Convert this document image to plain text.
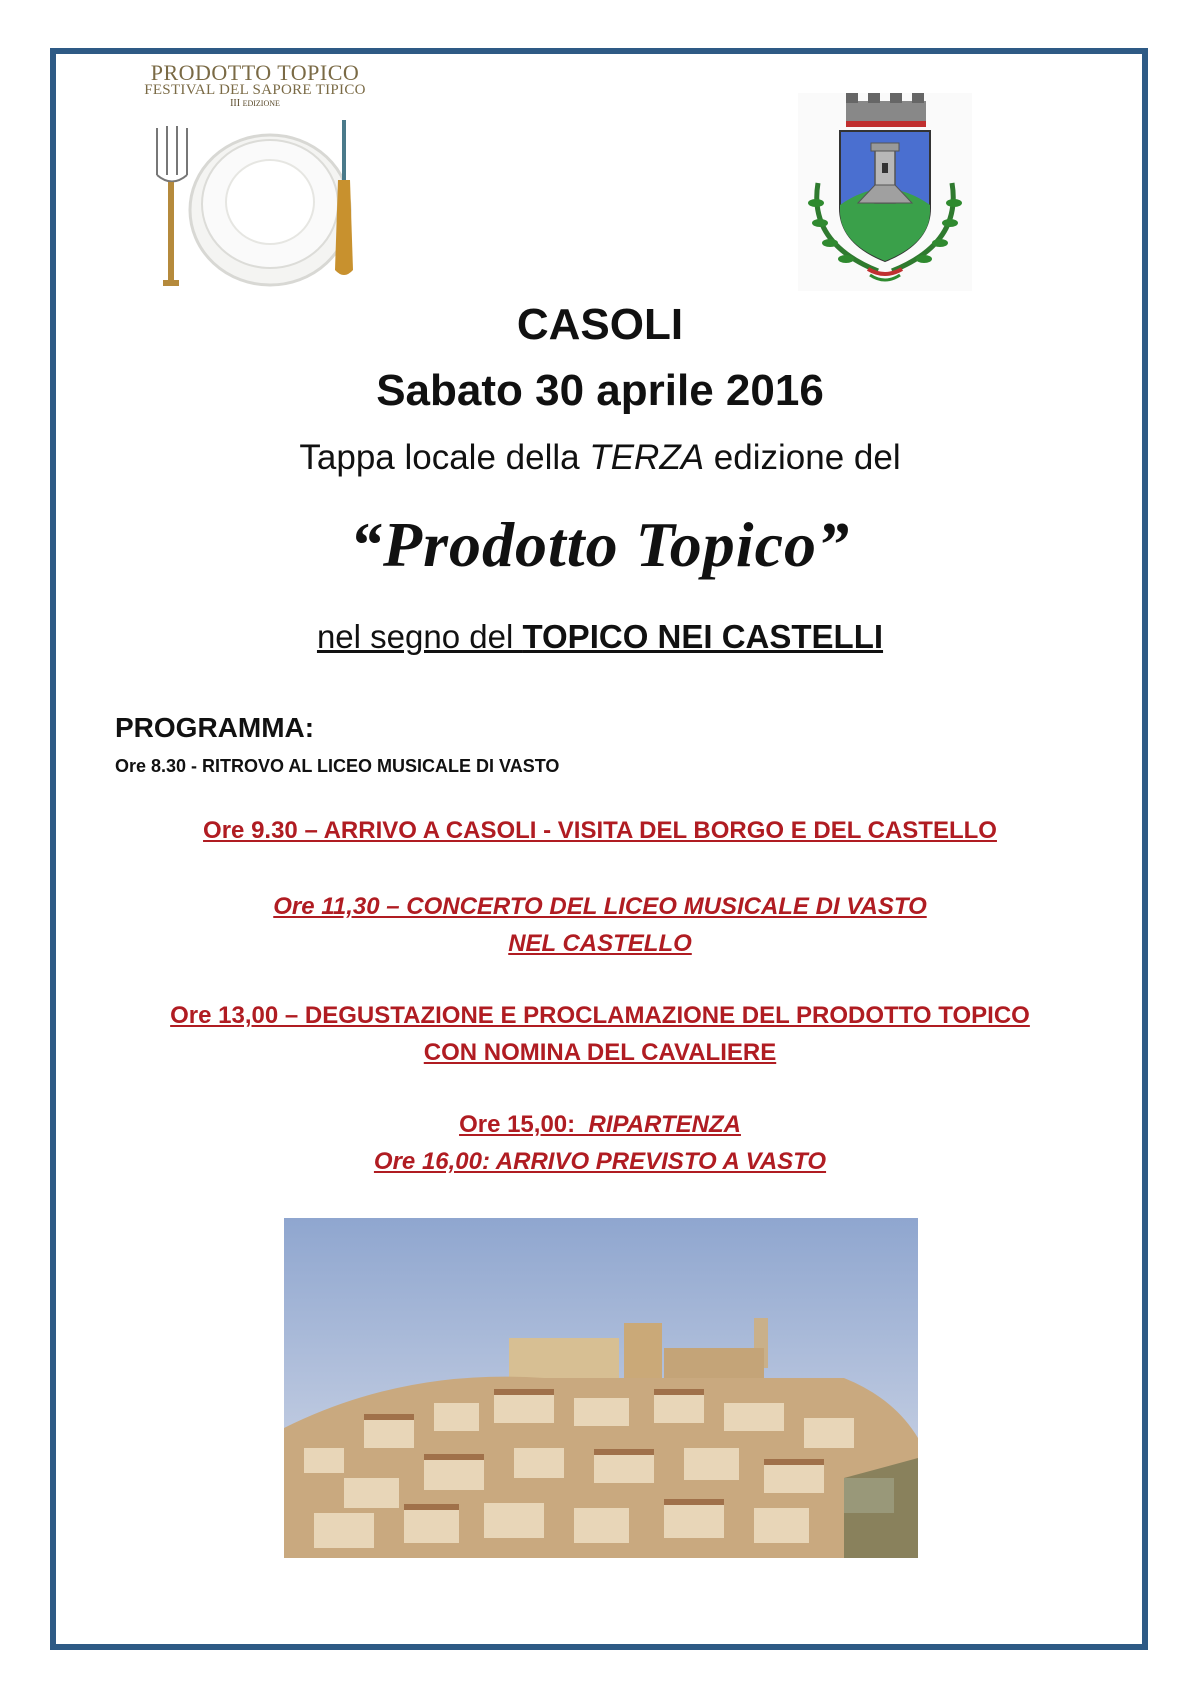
PRODOTTO TOPICO
FESTIVAL DEL SAPORE TIPICO
III EDIZIONE
CASOLI
Sabato 30 aprile 2016
Tappa locale della TERZA edizione del
“Prodotto Topico”
nel segno del TOPICO NEI CASTELLI
PROGRAMMA:
Ore 8.30 - RITROVO AL LICEO MUSICALE DI VASTO
Ore 9.30 – ARRIVO A CASOLI - VISITA DEL BORGO E DEL CASTELLO
Ore 11,30 – CONCERTO DEL LICEO MUSICALE DI VASTO
NEL CASTELLO
Ore 13,00 – DEGUSTAZIONE E PROCLAMAZIONE DEL PRODOTTO TOPICO
CON NOMINA DEL CAVALIERE
Ore 15,00:  RIPARTENZA
Ore 16,00: ARRIVO PREVISTO A VASTO
